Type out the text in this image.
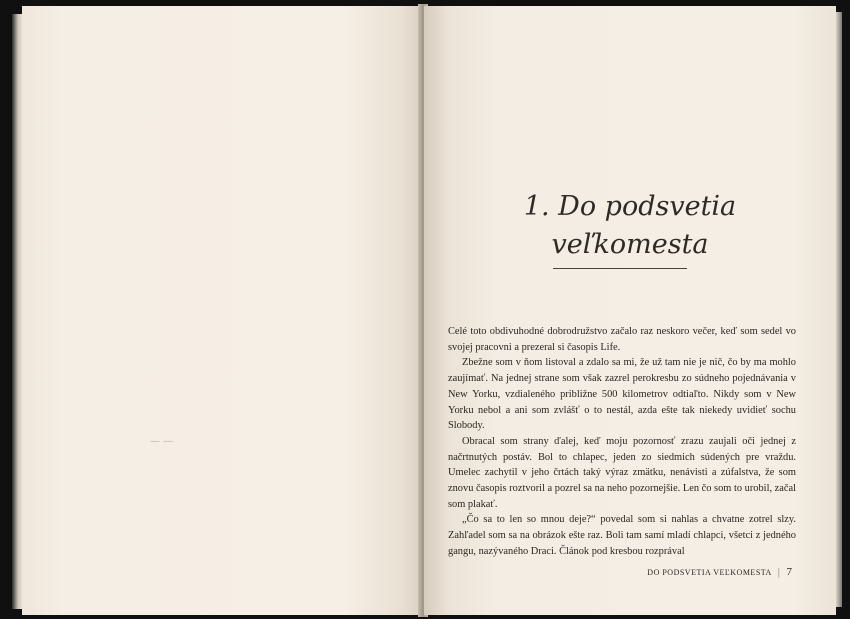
— —
1. Do podsvetia
veľkomesta

Celé toto obdivuhodné dobrodružstvo začalo raz neskoro večer, keď som sedel vo svojej pracovni a prezeral si časopis Life.

Zbežne som v ňom listoval a zdalo sa mi, že už tam nie je nič, čo by ma mohlo zaujímať. Na jednej strane som však zazrel perokresbu zo súdneho pojednávania v New Yorku, vzdialeného približne 500 kilometrov odtiaľto. Nikdy som v New Yorku nebol a ani som zvlášť o to nestál, azda ešte tak niekedy uvidieť sochu Slobody.

Obracal som strany ďalej, keď moju pozornosť zrazu zaujali oči jednej z načrtnutých postáv. Bol to chlapec, jeden zo siedmich súdených pre vraždu. Umelec zachytil v jeho črtách taký výraz zmätku, nenávisti a zúfalstva, že som znovu časopis roztvoril a pozrel sa na neho pozornejšie. Len čo som to urobil, začal som plakať.

„Čo sa to len so mnou deje?“ povedal som si nahlas a chvatne zotrel slzy. Zahľadel som sa na obrázok ešte raz. Boli tam samí mladí chlapci, všetci z jedného gangu, nazývaného Draci. Článok pod kresbou rozprával

DO PODSVETIA VEĽKOMESTA | 7
